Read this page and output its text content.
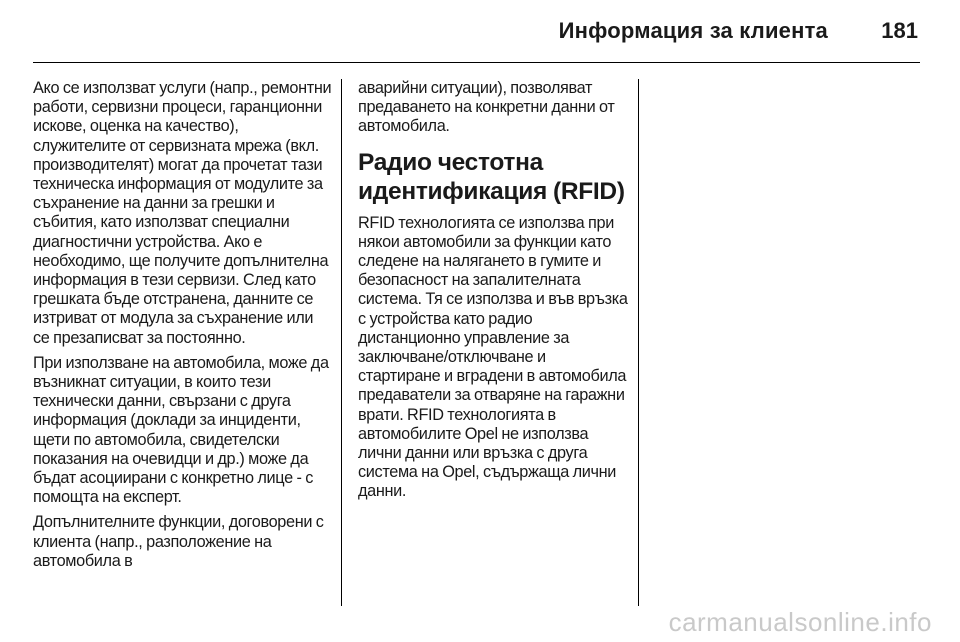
Информация за клиента 181

Ако се използват услуги (напр., ремонтни работи, сервизни процеси, гаранционни искове, оценка на качество), служителите от сервизната мрежа (вкл. производителят) могат да прочетат тази техническа информация от модулите за съхранение на данни за грешки и събития, като използват специални диагностични устройства. Ако е необходимо, ще получите допълнителна информация в тези сервизи. След като грешката бъде отстранена, данните се изтриват от модула за съхранение или се презаписват за постоянно.

При използване на автомобила, може да възникнат ситуации, в които тези технически данни, свързани с друга информация (доклади за инциденти, щети по автомобила, свидетелски показания на очевидци и др.) може да бъдат асоциирани с конкретно лице - с помощта на експерт.

Допълнителните функции, договорени с клиента (напр., разположение на автомобила в

аварийни ситуации), позволяват предаването на конкретни данни от автомобила.

Радио честотна идентификация (RFID)

RFID технологията се използва при някои автомобили за функции като следене на налягането в гумите и безопасност на запалителната система. Тя се използва и във връзка с устройства като радио дистанционно управление за заключване/отключване и стартиране и вградени в автомобила предаватели за отваряне на гаражни врати. RFID технологията в автомобилите Opel не използва лични данни или връзка с друга система на Opel, съдържаща лични данни.

carmanualsonline.info
